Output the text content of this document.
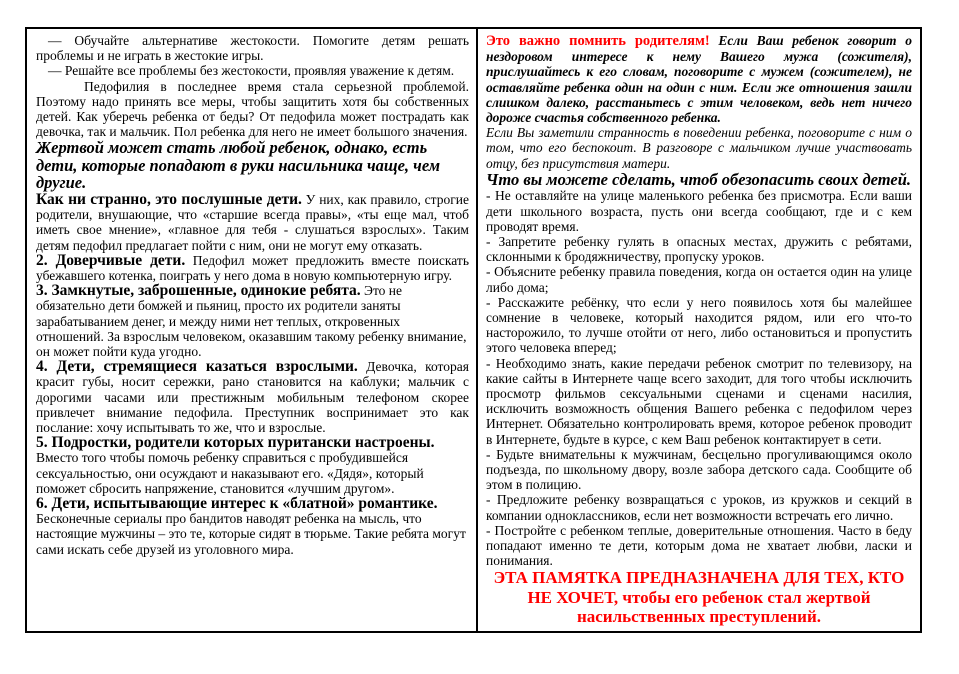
— Обучайте альтернативе жестокости. Помогите детям решать проблемы и не играть в жестокие игры.

— Решайте все проблемы без жестокости, проявляя уважение к детям.

Педофилия в последнее время стала серьезной проблемой. Поэтому надо принять все меры, чтобы защитить хотя бы собственных детей. Как уберечь ребенка от беды? От педофила может пострадать как девочка, так и мальчик. Пол ребенка для него не имеет большого значения.

Жертвой может стать любой ребенок, однако, есть дети, которые попадают в руки насильника чаще, чем другие.

Как ни странно, это послушные дети. У них, как правило, строгие родители, внушающие, что «старшие всегда правы», «ты еще мал, чтоб иметь свое мнение», «главное для тебя - слушаться взрослых». Таким детям педофил предлагает пойти с ним, они не могут ему отказать.

2. Доверчивые дети. Педофил может предложить вместе поискать убежавшего котенка, поиграть у него дома в новую компьютерную игру.

3. Замкнутые, заброшенные, одинокие ребята. Это не обязательно дети бомжей и пьяниц, просто их родители заняты зарабатыванием денег, и между ними нет теплых, откровенных отношений. За взрослым человеком, оказавшим такому ребенку внимание, он может пойти куда угодно.

4. Дети, стремящиеся казаться взрослыми. Девочка, которая красит губы, носит сережки, рано становится на каблуки; мальчик с дорогими часами или престижным мобильным телефоном скорее привлечет внимание педофила. Преступник воспринимает это как послание: хочу испытывать то же, что и взрослые.

5. Подростки, родители которых пуритански настроены. Вместо того чтобы помочь ребенку справиться с пробудившейся сексуальностью, они осуждают и наказывают его. «Дядя», который поможет сбросить напряжение, становится «лучшим другом».

6. Дети, испытывающие интерес к «блатной» романтике. Бесконечные сериалы про бандитов наводят ребенка на мысль, что настоящие мужчины – это те, которые сидят в тюрьме. Такие ребята могут сами искать себе друзей из уголовного мира.

Это важно помнить родителям! Если Ваш ребенок говорит о нездоровом интересе к нему Вашего мужа (сожителя), прислушайтесь к его словам, поговорите с мужем (сожителем), не оставляйте ребенка один на один с ним. Если же отношения зашли слишком далеко, расстаньтесь с этим человеком, ведь нет ничего дороже счастья собственного ребенка.

Если Вы заметили странность в поведении ребенка, поговорите с ним о том, что его беспокоит. В разговоре с мальчиком лучше участвовать отцу, без присутствия матери.

Что вы можете сделать, чтоб обезопасить своих детей.

- Не оставляйте на улице маленького ребенка без присмотра. Если ваши дети школьного возраста, пусть они всегда сообщают, где и с кем проводят время.

- Запретите ребенку гулять в опасных местах, дружить с ребятами, склонными к бродяжничеству, пропуску уроков.

- Объясните ребенку правила поведения, когда он остается один на улице либо дома;

- Расскажите ребёнку, что если у него появилось хотя бы малейшее сомнение в человеке, который находится рядом, или его что-то насторожило, то лучше отойти от него, либо остановиться и пропустить этого человека вперед;

- Необходимо знать, какие передачи ребенок смотрит по телевизору, на какие сайты в Интернете чаще всего заходит, для того чтобы исключить просмотр фильмов сексуальными сценами и сценами насилия, исключить возможность общения Вашего ребенка с педофилом через Интернет. Обязательно контролировать время, которое ребенок проводит в Интернете, будьте в курсе, с кем Ваш ребенок контактирует в сети.

- Будьте внимательны к мужчинам, бесцельно прогуливающимся около подъезда, по школьному двору, возле забора детского сада. Сообщите об этом в полицию.

- Предложите ребенку возвращаться с уроков, из кружков и секций в компании одноклассников, если нет возможности встречать его лично.

- Постройте с ребенком теплые, доверительные отношения. Часто в беду попадают именно те дети, которым дома не хватает любви, ласки и понимания.

ЭТА ПАМЯТКА ПРЕДНАЗНАЧЕНА ДЛЯ ТЕХ, КТО НЕ ХОЧЕТ, чтобы его ребенок стал жертвой насильственных преступлений.
